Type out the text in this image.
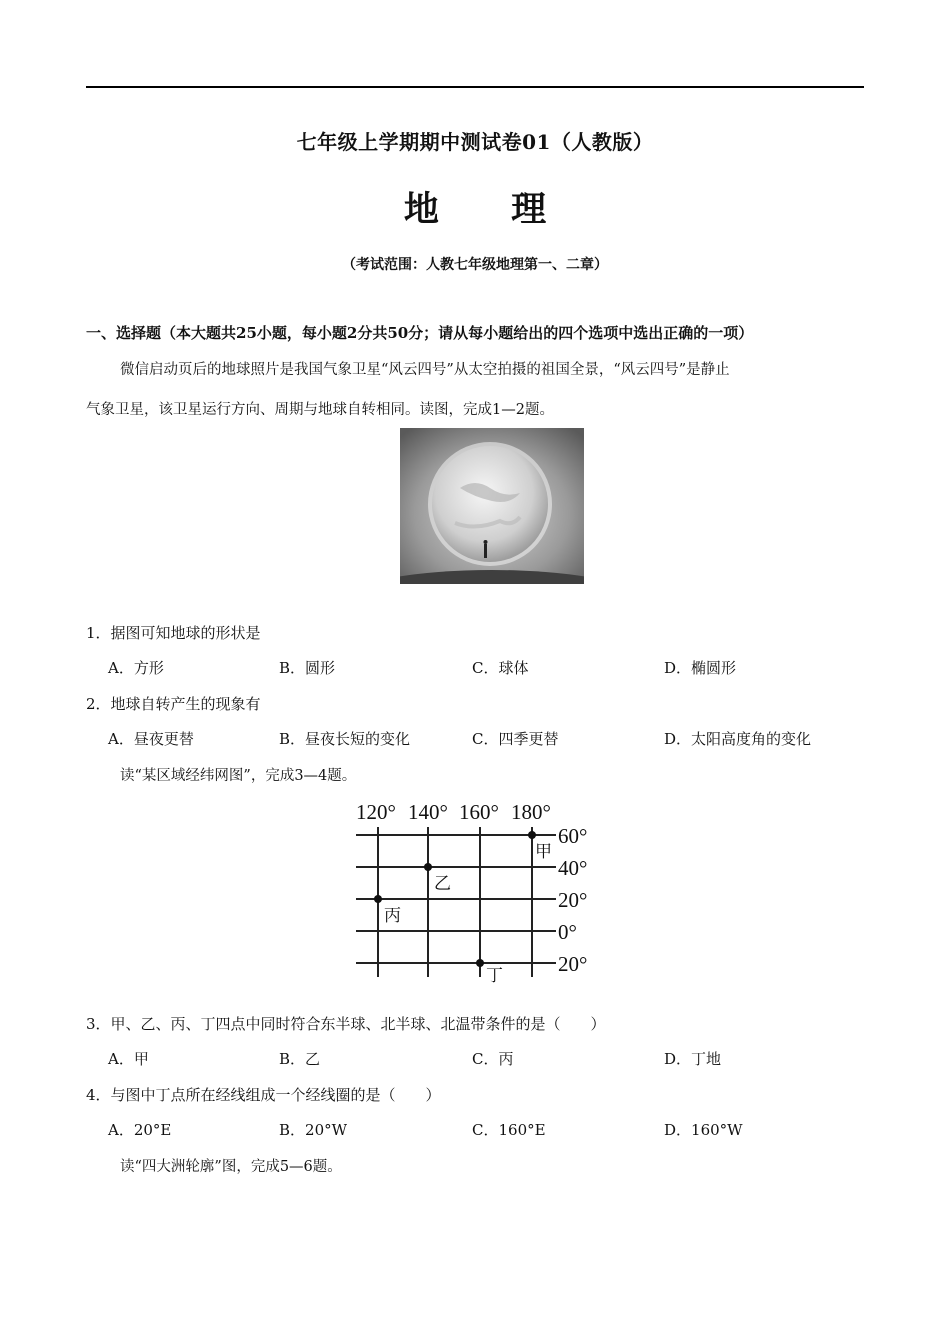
七年级上学期期中测试卷01（人教版）
地 理
（考试范围：人教七年级地理第一、二章）
一、选择题（本大题共25小题，每小题2分共50分；请从每小题给出的四个选项中选出正确的一项）
微信启动页后的地球照片是我国气象卫星“风云四号”从太空拍摄的祖国全景，“风云四号”是静止
气象卫星，该卫星运行方向、周期与地球自转相同。读图，完成1—2题。
1．据图可知地球的形状是
A．方形	B．圆形	C．球体	D．椭圆形
2．地球自转产生的现象有
A．昼夜更替	B．昼夜长短的变化	C．四季更替	D．太阳高度角的变化
读“某区域经纬网图”，完成3—4题。
120° 140° 160° 180°
60°
40°
20°
0°
20°
甲
乙
丙
丁
3．甲、乙、丙、丁四点中同时符合东半球、北半球、北温带条件的是（　　）
A．甲	B．乙	C．丙	D．丁地
4．与图中丁点所在经线组成一个经线圈的是（　　）
A．20°E	B．20°W	C．160°E	D．160°W
读“四大洲轮廓”图，完成5—6题。
